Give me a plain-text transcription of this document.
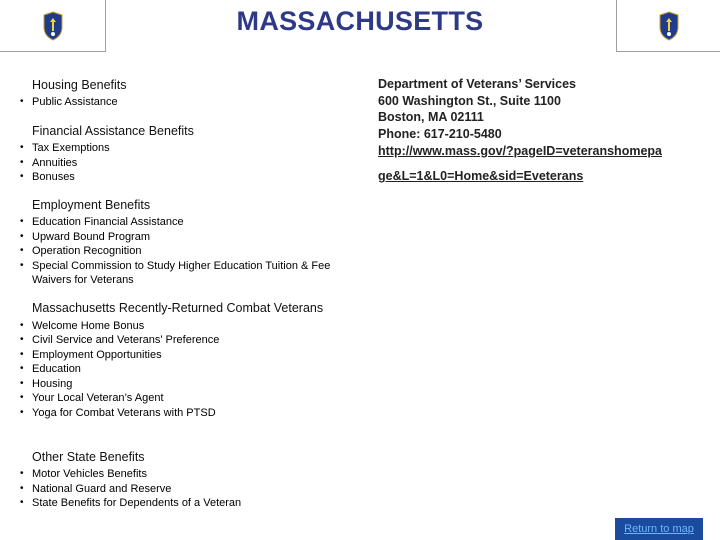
MASSACHUSETTS
Housing Benefits
• Public Assistance
Financial Assistance Benefits
• Tax Exemptions
• Annuities
• Bonuses
Employment Benefits
• Education Financial Assistance
• Upward Bound Program
• Operation Recognition
• Special Commission to Study Higher Education Tuition & Fee Waivers for Veterans
Massachusetts Recently-Returned Combat Veterans
• Welcome Home Bonus
• Civil Service and Veterans' Preference
• Employment Opportunities
• Education
• Housing
• Your Local Veteran’s Agent
• Yoga for Combat Veterans with PTSD
Other State Benefits
• Motor Vehicles Benefits
• National Guard and Reserve
• State Benefits for Dependents of a Veteran
Department of Veterans’ Services
600 Washington St., Suite 1100
Boston, MA 02111
Phone: 617-210-5480
http://www.mass.gov/?pageID=veteranshomepage&L=1&L0=Home&sid=Eveterans
Return to map
